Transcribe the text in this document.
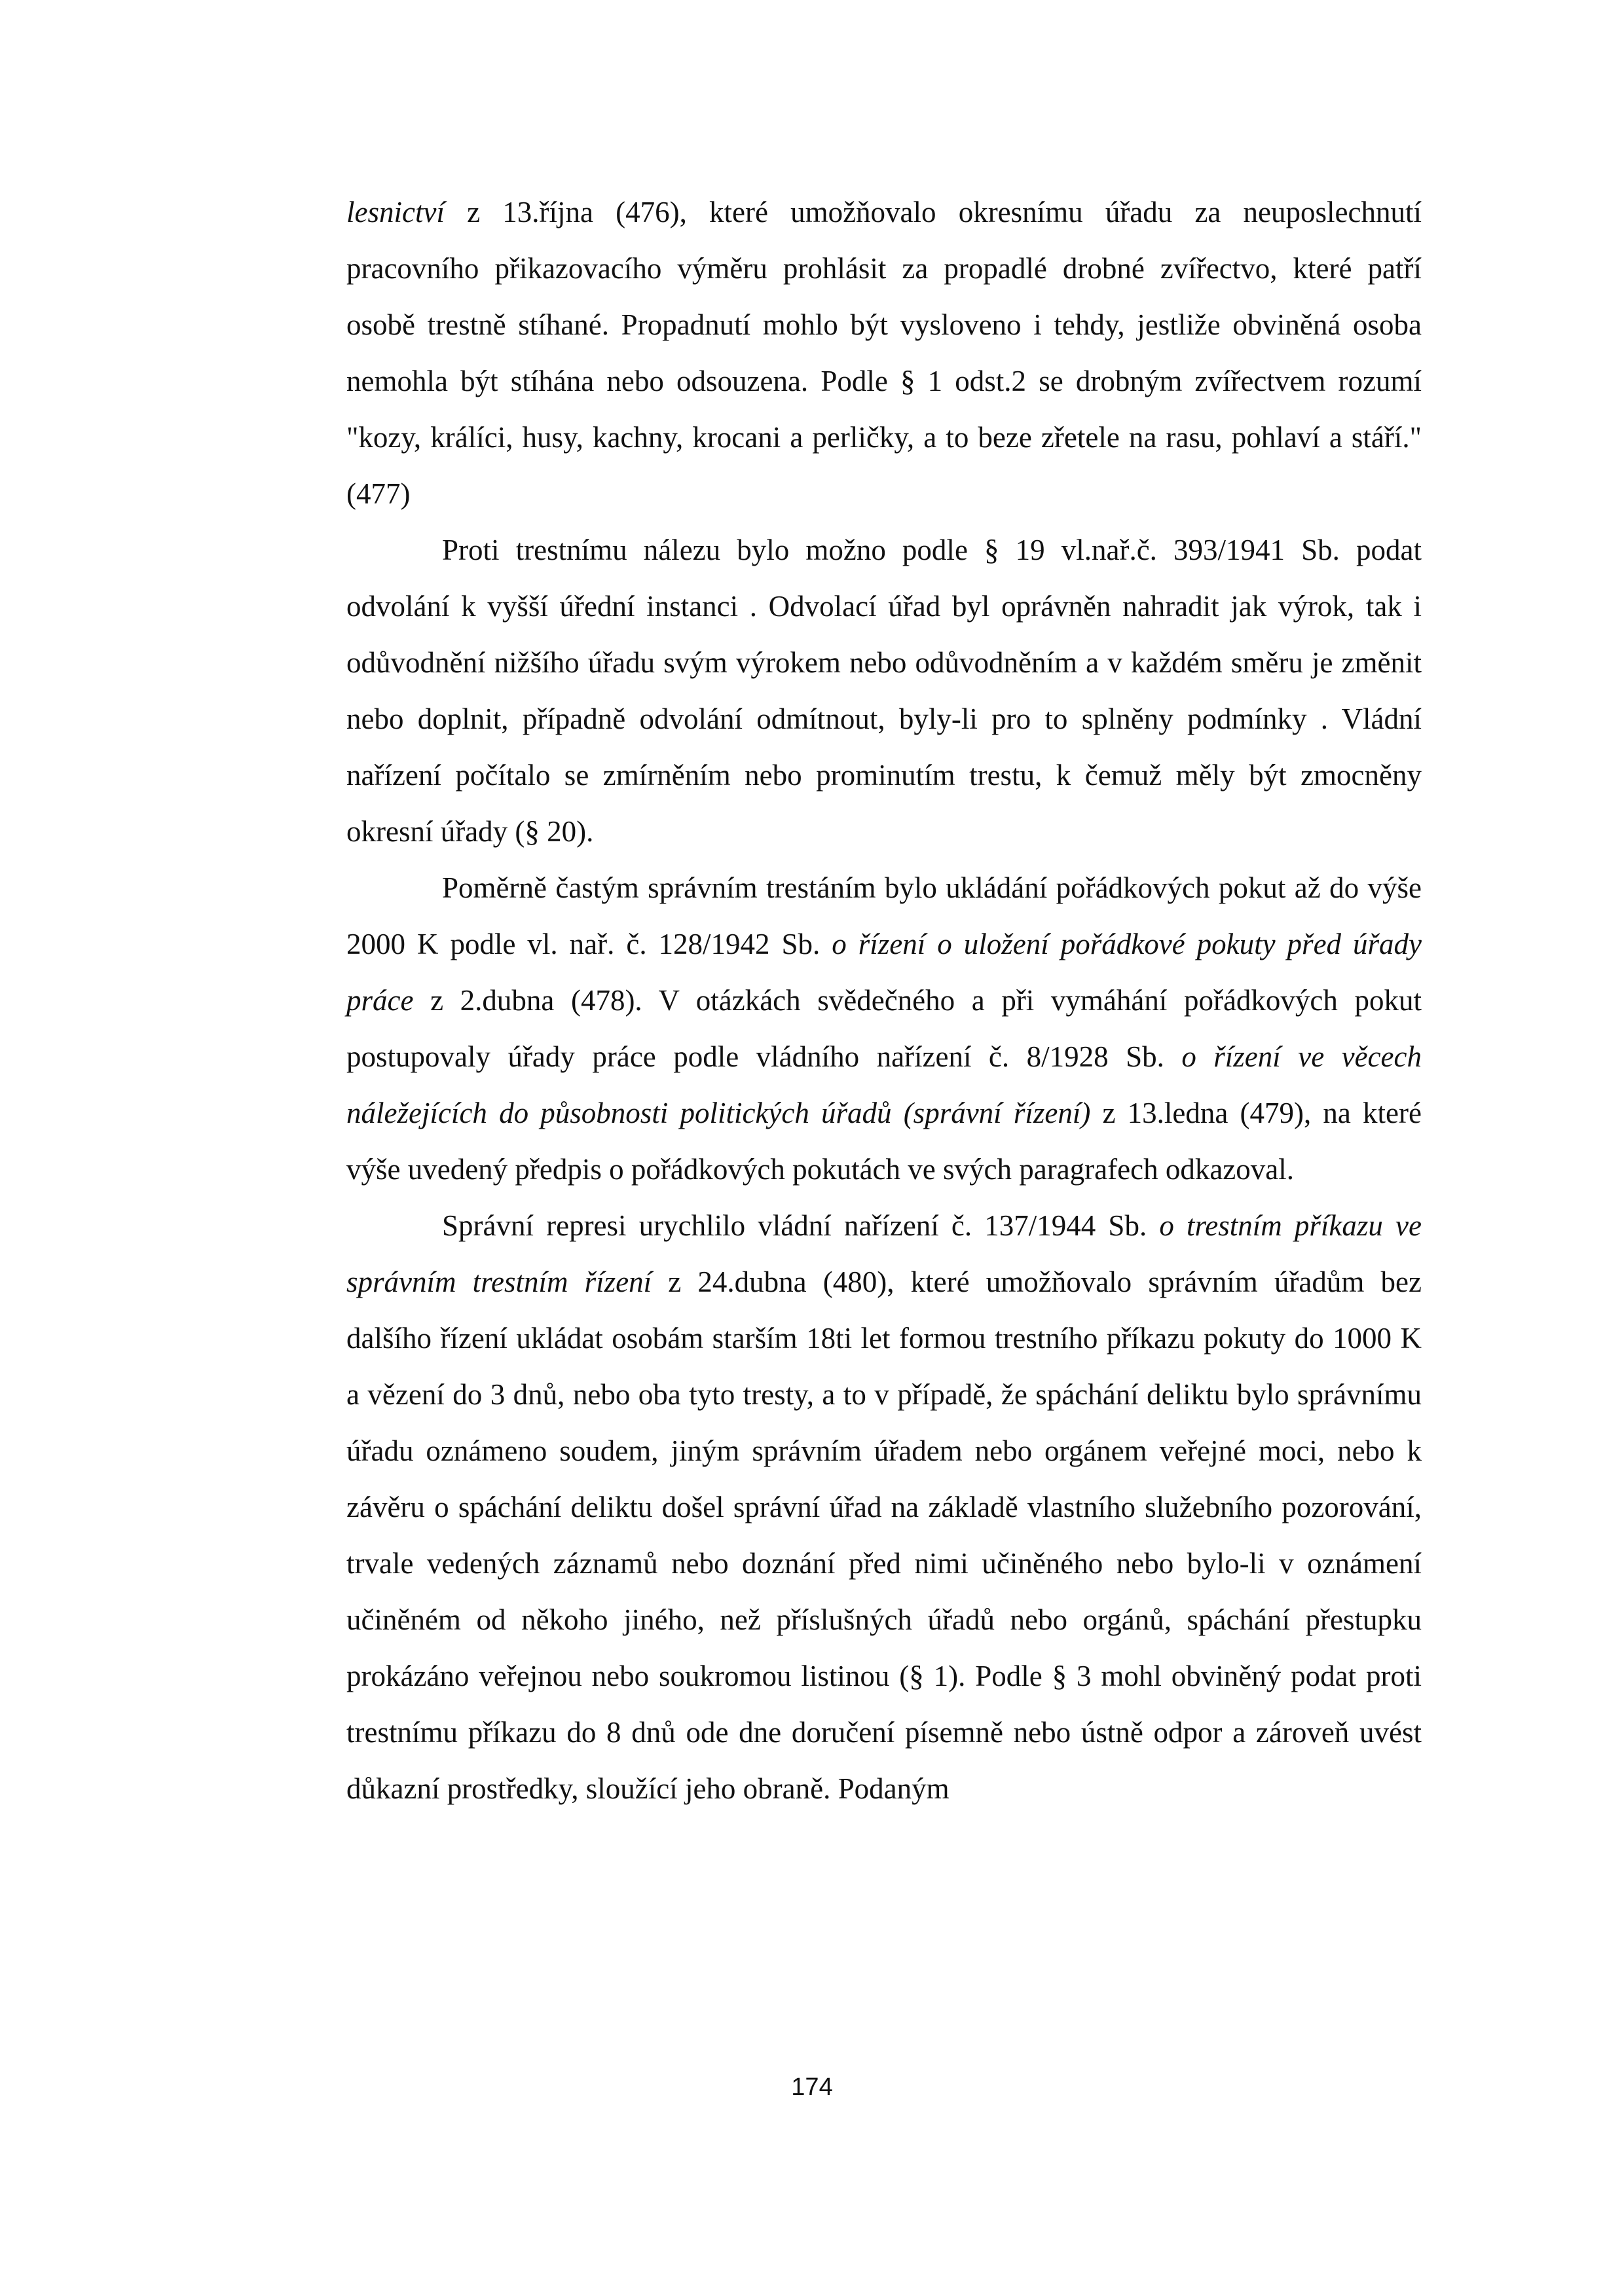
lesnictví z 13.října (476), které umožňovalo okresnímu úřadu za neuposlechnutí pracovního přikazovacího výměru prohlásit za propadlé drobné zvířectvo, které patří osobě trestně stíhané. Propadnutí mohlo být vysloveno i tehdy, jestliže obviněná osoba nemohla být stíhána nebo odsouzena. Podle § 1 odst.2 se drobným zvířectvem rozumí "kozy, králíci, husy, kachny, krocani a perličky, a to beze zřetele na rasu, pohlaví a stáří." (477)

Proti trestnímu nálezu bylo možno podle § 19 vl.nař.č. 393/1941 Sb. podat odvolání k vyšší úřední instanci . Odvolací úřad byl oprávněn nahradit jak výrok, tak i odůvodnění nižšího úřadu svým výrokem nebo odůvodněním a v každém směru je změnit nebo doplnit, případně odvolání odmítnout, byly-li pro to splněny podmínky . Vládní nařízení počítalo se zmírněním nebo prominutím trestu, k čemuž měly být zmocněny okresní úřady (§ 20).

Poměrně častým správním trestáním bylo ukládání pořádkových pokut až do výše 2000 K podle vl. nař. č. 128/1942 Sb. o řízení o uložení pořádkové pokuty před úřady práce z 2.dubna (478). V otázkách svědečného a při vymáhání pořádkových pokut postupovaly úřady práce podle vládního nařízení č. 8/1928 Sb. o řízení ve věcech náležejících do působnosti politických úřadů (správní řízení) z 13.ledna (479), na které výše uvedený předpis o pořádkových pokutách ve svých paragrafech odkazoval.

Správní represi urychlilo vládní nařízení č. 137/1944 Sb. o trestním příkazu ve správním trestním řízení z 24.dubna (480), které umožňovalo správním úřadům bez dalšího řízení ukládat osobám starším 18ti let formou trestního příkazu pokuty do 1000 K a vězení do 3 dnů, nebo oba tyto tresty, a to v případě, že spáchání deliktu bylo správnímu úřadu oznámeno soudem, jiným správním úřadem nebo orgánem veřejné moci, nebo k závěru o spáchání deliktu došel správní úřad na základě vlastního služebního pozorování, trvale vedených záznamů nebo doznání před nimi učiněného nebo bylo-li v oznámení učiněném od někoho jiného, než příslušných úřadů nebo orgánů, spáchání přestupku prokázáno veřejnou nebo soukromou listinou (§ 1). Podle § 3 mohl obviněný podat proti trestnímu příkazu do 8 dnů ode dne doručení písemně nebo ústně odpor a zároveň uvést důkazní prostředky, sloužící jeho obraně. Podaným

174
